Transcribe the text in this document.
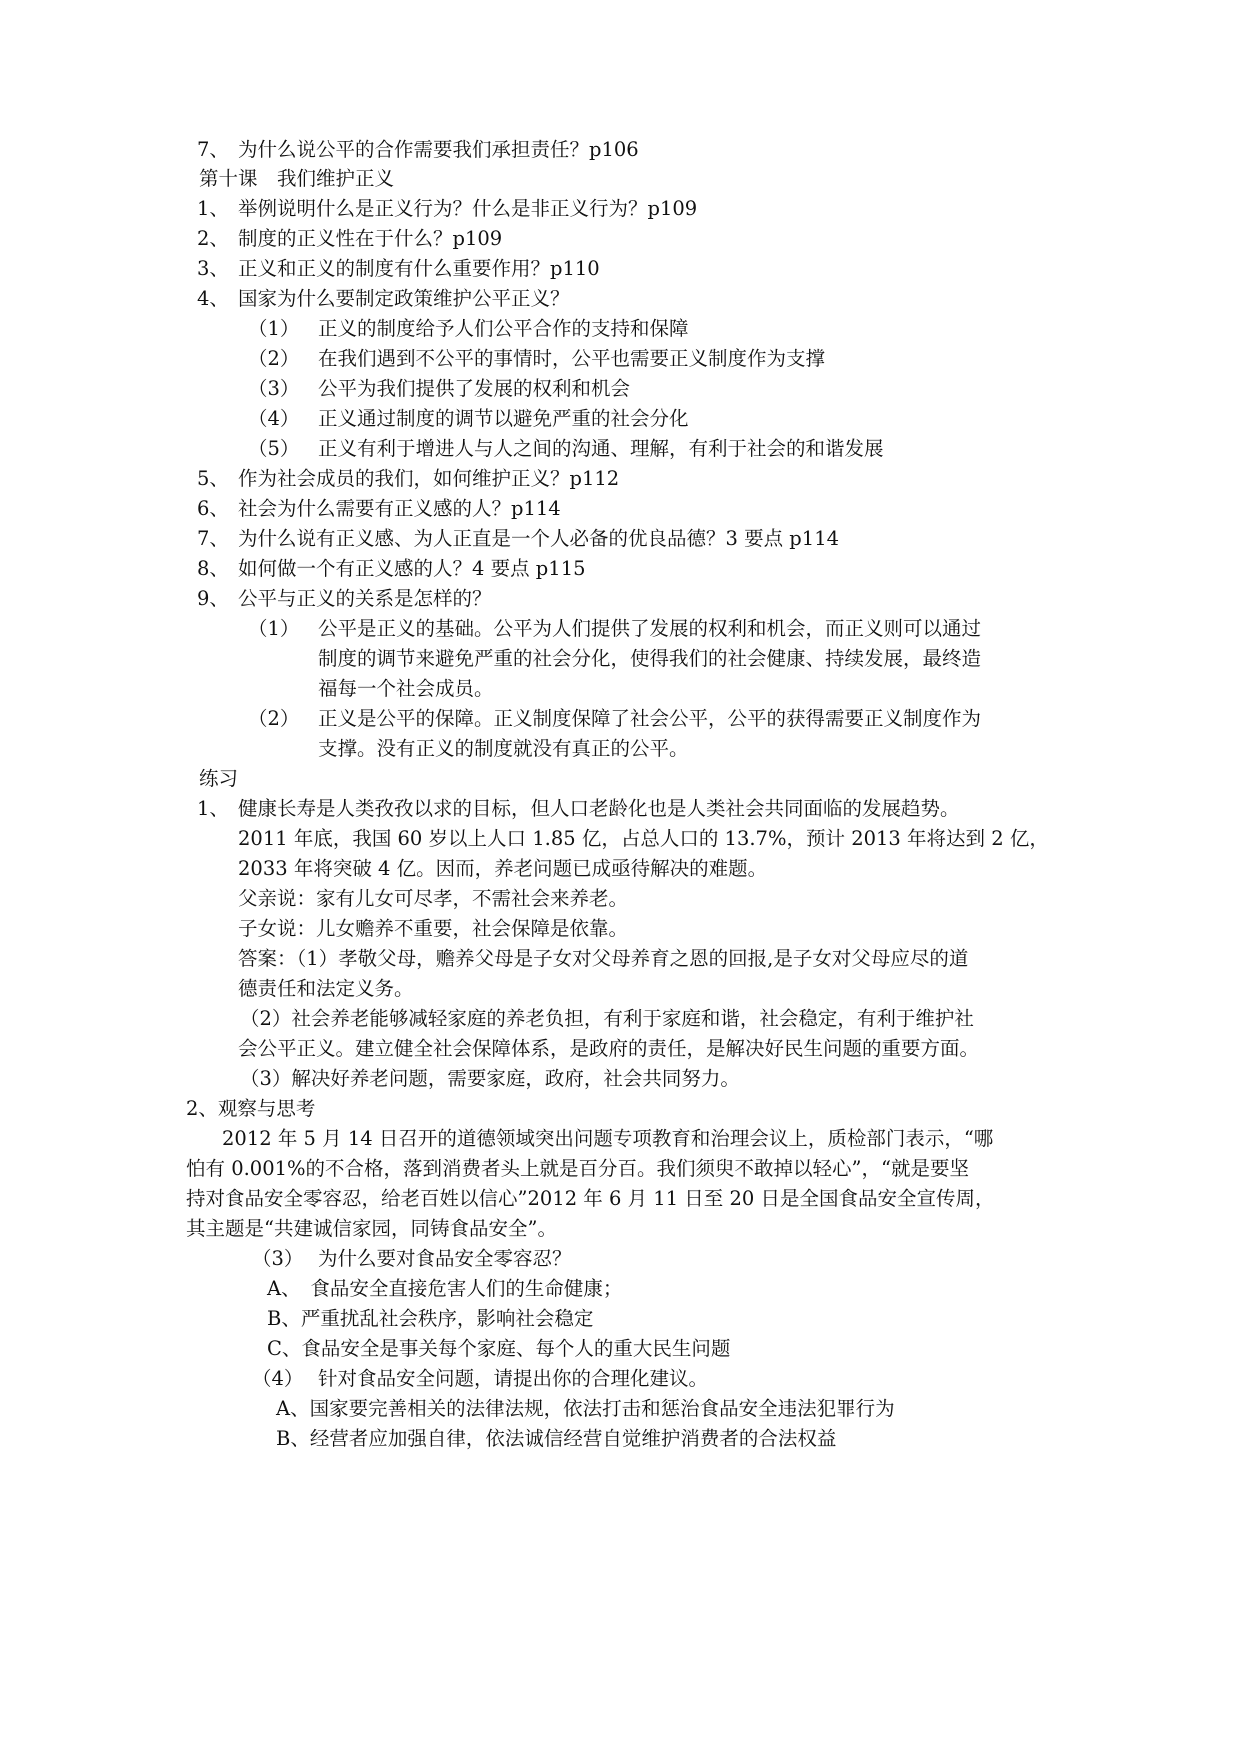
7、 为什么说公平的合作需要我们承担责任？p106
第十课　我们维护正义
1、 举例说明什么是正义行为？什么是非正义行为？p109
2、 制度的正义性在于什么？p109
3、 正义和正义的制度有什么重要作用？p110
4、 国家为什么要制定政策维护公平正义？
（1） 正义的制度给予人们公平合作的支持和保障
（2） 在我们遇到不公平的事情时，公平也需要正义制度作为支撑
（3） 公平为我们提供了发展的权利和机会
（4） 正义通过制度的调节以避免严重的社会分化
（5） 正义有利于增进人与人之间的沟通、理解，有利于社会的和谐发展
5、 作为社会成员的我们，如何维护正义？p112
6、 社会为什么需要有正义感的人？p114
7、 为什么说有正义感、为人正直是一个人必备的优良品德？3 要点 p114
8、 如何做一个有正义感的人？4 要点 p115
9、 公平与正义的关系是怎样的？
（1） 公平是正义的基础。公平为人们提供了发展的权利和机会，而正义则可以通过
制度的调节来避免严重的社会分化，使得我们的社会健康、持续发展，最终造
福每一个社会成员。
（2） 正义是公平的保障。正义制度保障了社会公平，公平的获得需要正义制度作为
支撑。没有正义的制度就没有真正的公平。
练习
1、 健康长寿是人类孜孜以求的目标，但人口老龄化也是人类社会共同面临的发展趋势。
2011 年底，我国 60 岁以上人口 1.85 亿，占总人口的 13.7%，预计 2013 年将达到 2 亿，
2033 年将突破 4 亿。因而，养老问题已成亟待解决的难题。
父亲说：家有儿女可尽孝，不需社会来养老。
子女说：儿女赡养不重要，社会保障是依靠。
答案：（1）孝敬父母，赡养父母是子女对父母养育之恩的回报,是子女对父母应尽的道
德责任和法定义务。
（2）社会养老能够减轻家庭的养老负担，有利于家庭和谐，社会稳定，有利于维护社
会公平正义。建立健全社会保障体系，是政府的责任，是解决好民生问题的重要方面。
（3）解决好养老问题，需要家庭，政府，社会共同努力。
2、观察与思考
2012 年 5 月 14 日召开的道德领域突出问题专项教育和治理会议上，质检部门表示，“哪
怕有 0.001%的不合格，落到消费者头上就是百分百。我们须臾不敢掉以轻心”，“就是要坚
持对食品安全零容忍，给老百姓以信心”2012 年 6 月 11 日至 20 日是全国食品安全宣传周，
其主题是“共建诚信家园，同铸食品安全”。
（3） 为什么要对食品安全零容忍？
A、　食品安全直接危害人们的生命健康；
B、严重扰乱社会秩序，影响社会稳定
C、食品安全是事关每个家庭、每个人的重大民生问题
（4） 针对食品安全问题，请提出你的合理化建议。
A、国家要完善相关的法律法规，依法打击和惩治食品安全违法犯罪行为
B、经营者应加强自律，依法诚信经营自觉维护消费者的合法权益
